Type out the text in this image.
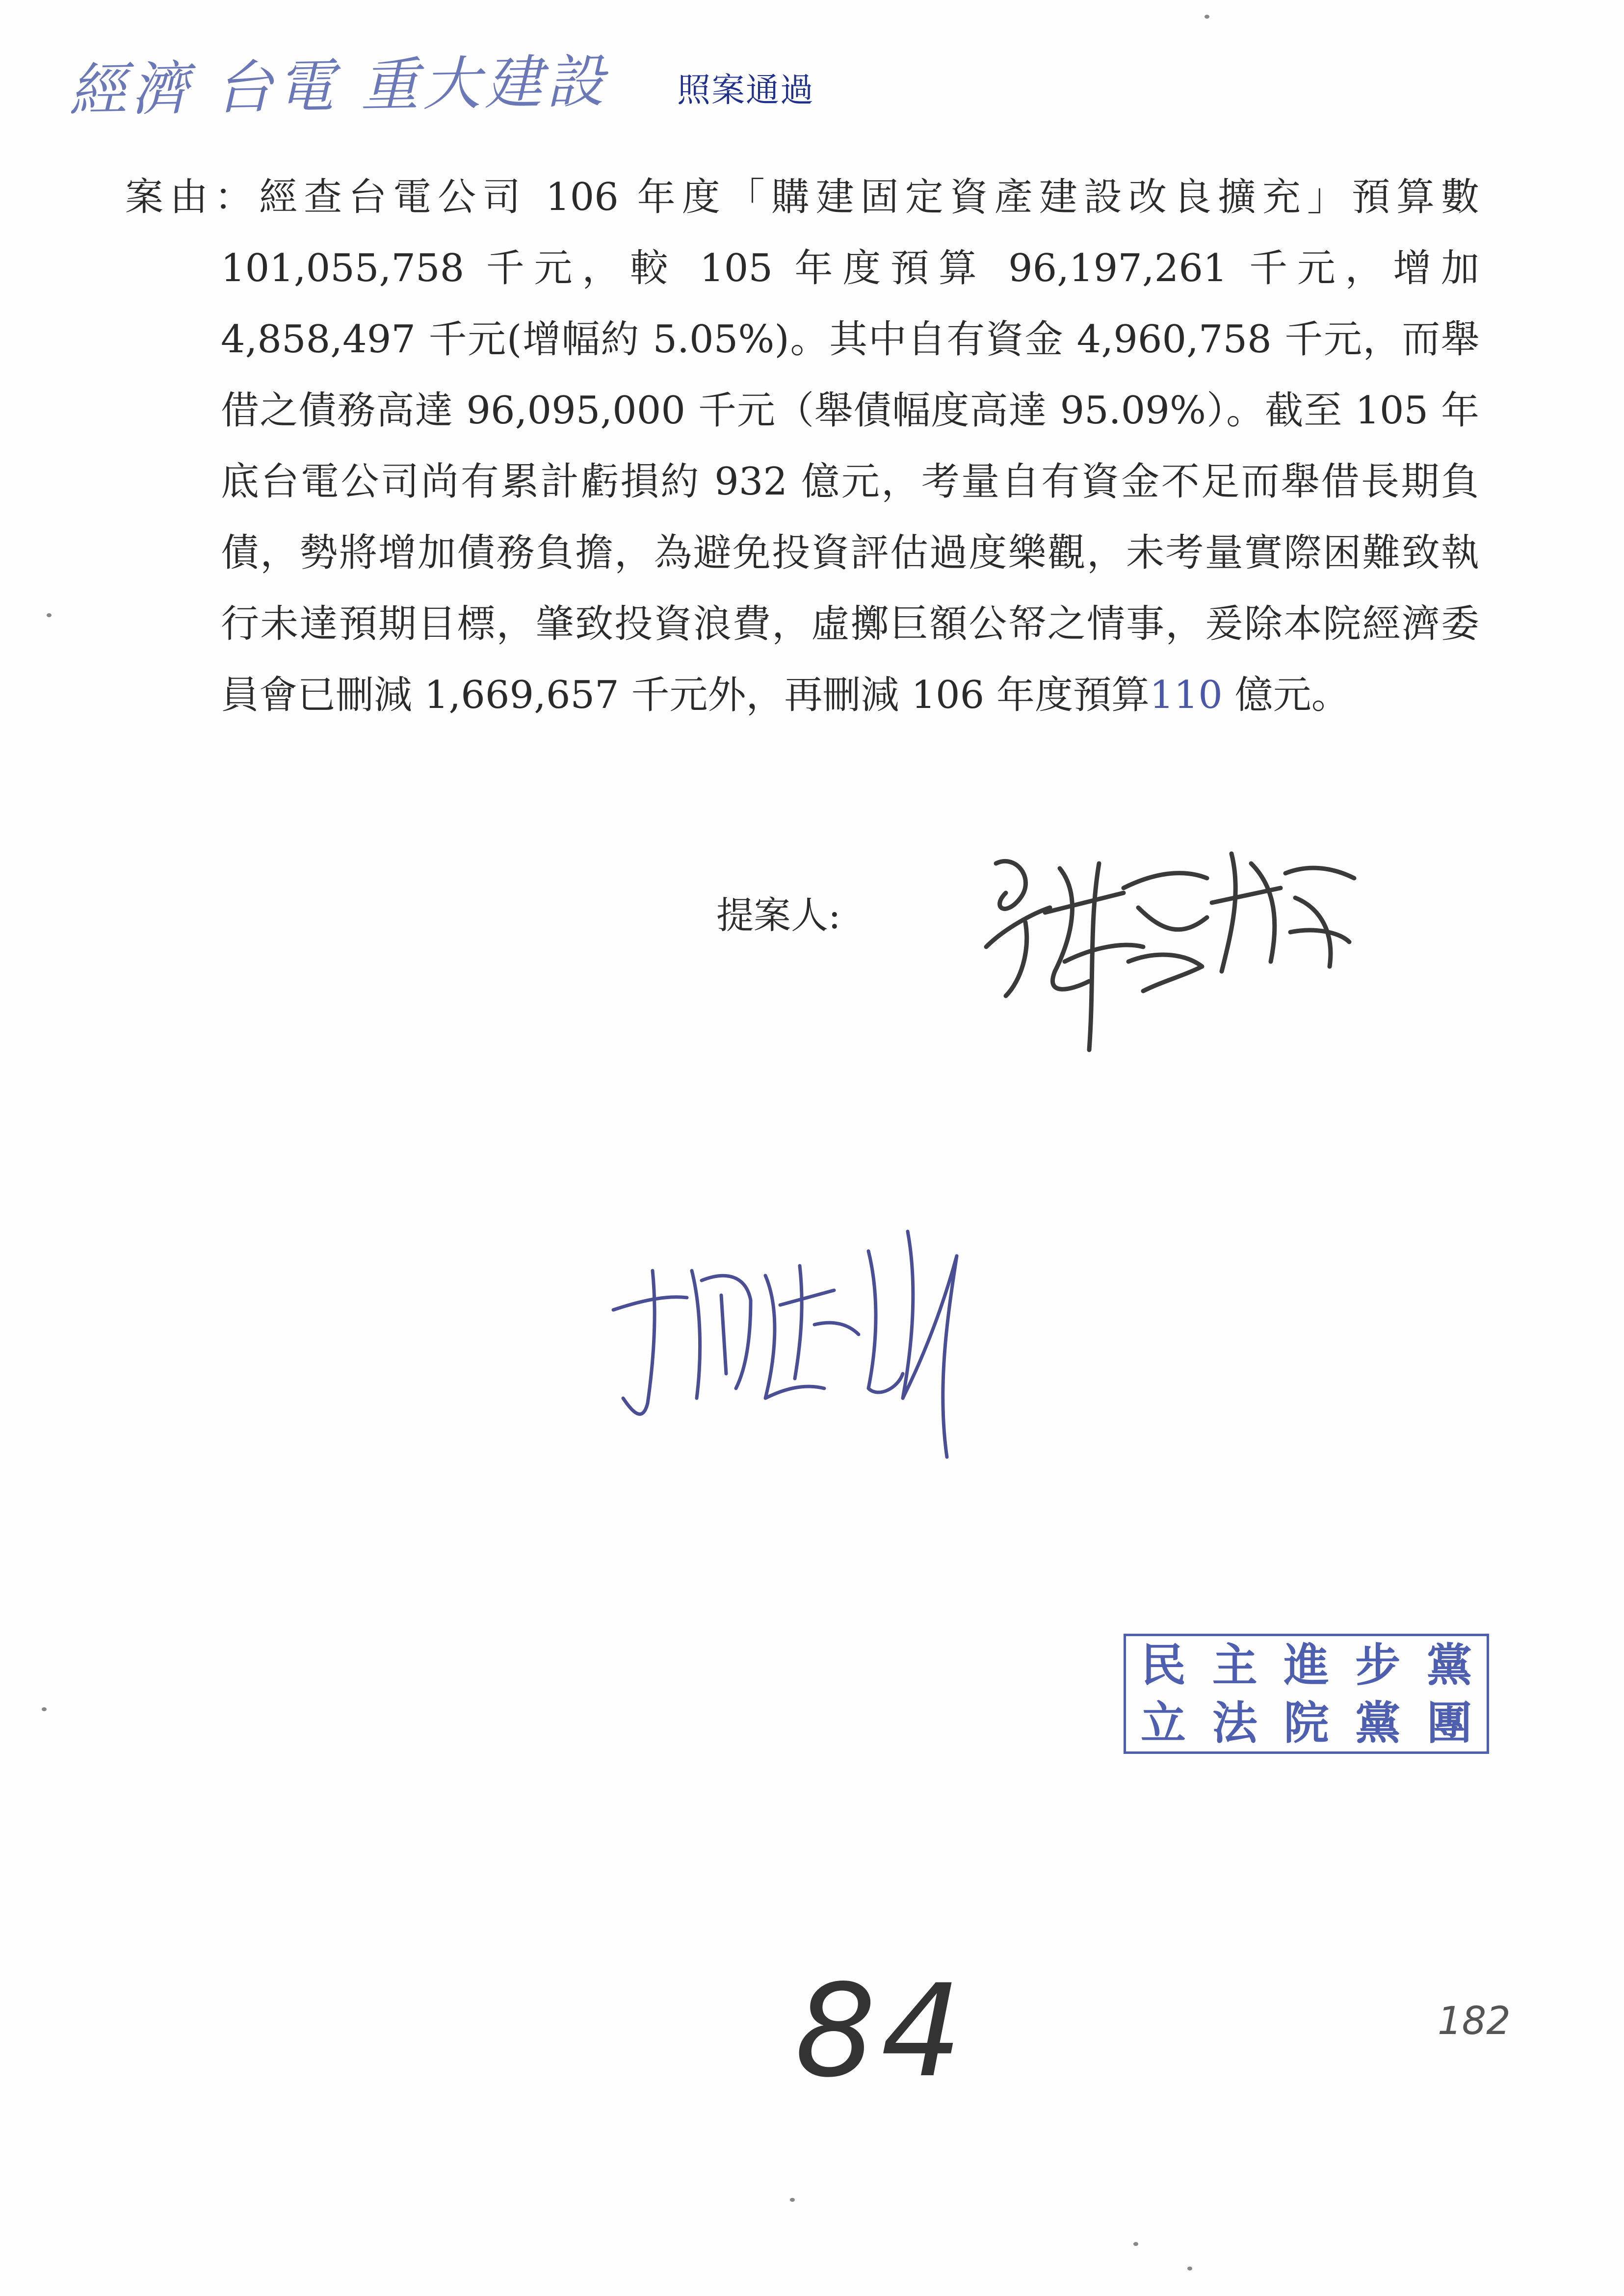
經濟 台電 重大建設 照案通過

案由：經查台電公司 106 年度「購建固定資產建設改良擴充」預算數 101,055,758 千元，較 105 年度預算 96,197,261 千元，增加 4,858,497 千元(增幅約 5.05%)。其中自有資金 4,960,758 千元，而舉借之債務高達 96,095,000 千元（舉債幅度高達 95.09%）。截至 105 年底台電公司尚有累計虧損約 932 億元，考量自有資金不足而舉借長期負債，勢將增加債務負擔，為避免投資評估過度樂觀，未考量實際困難致執行未達預期目標，肇致投資浪費，虛擲巨額公帑之情事，爰除本院經濟委員會已刪減 1,669,657 千元外，再刪減 106 年度預算110 億元。

提案人:
民 主 進 步 黨
立 法 院 黨 團
84	182
